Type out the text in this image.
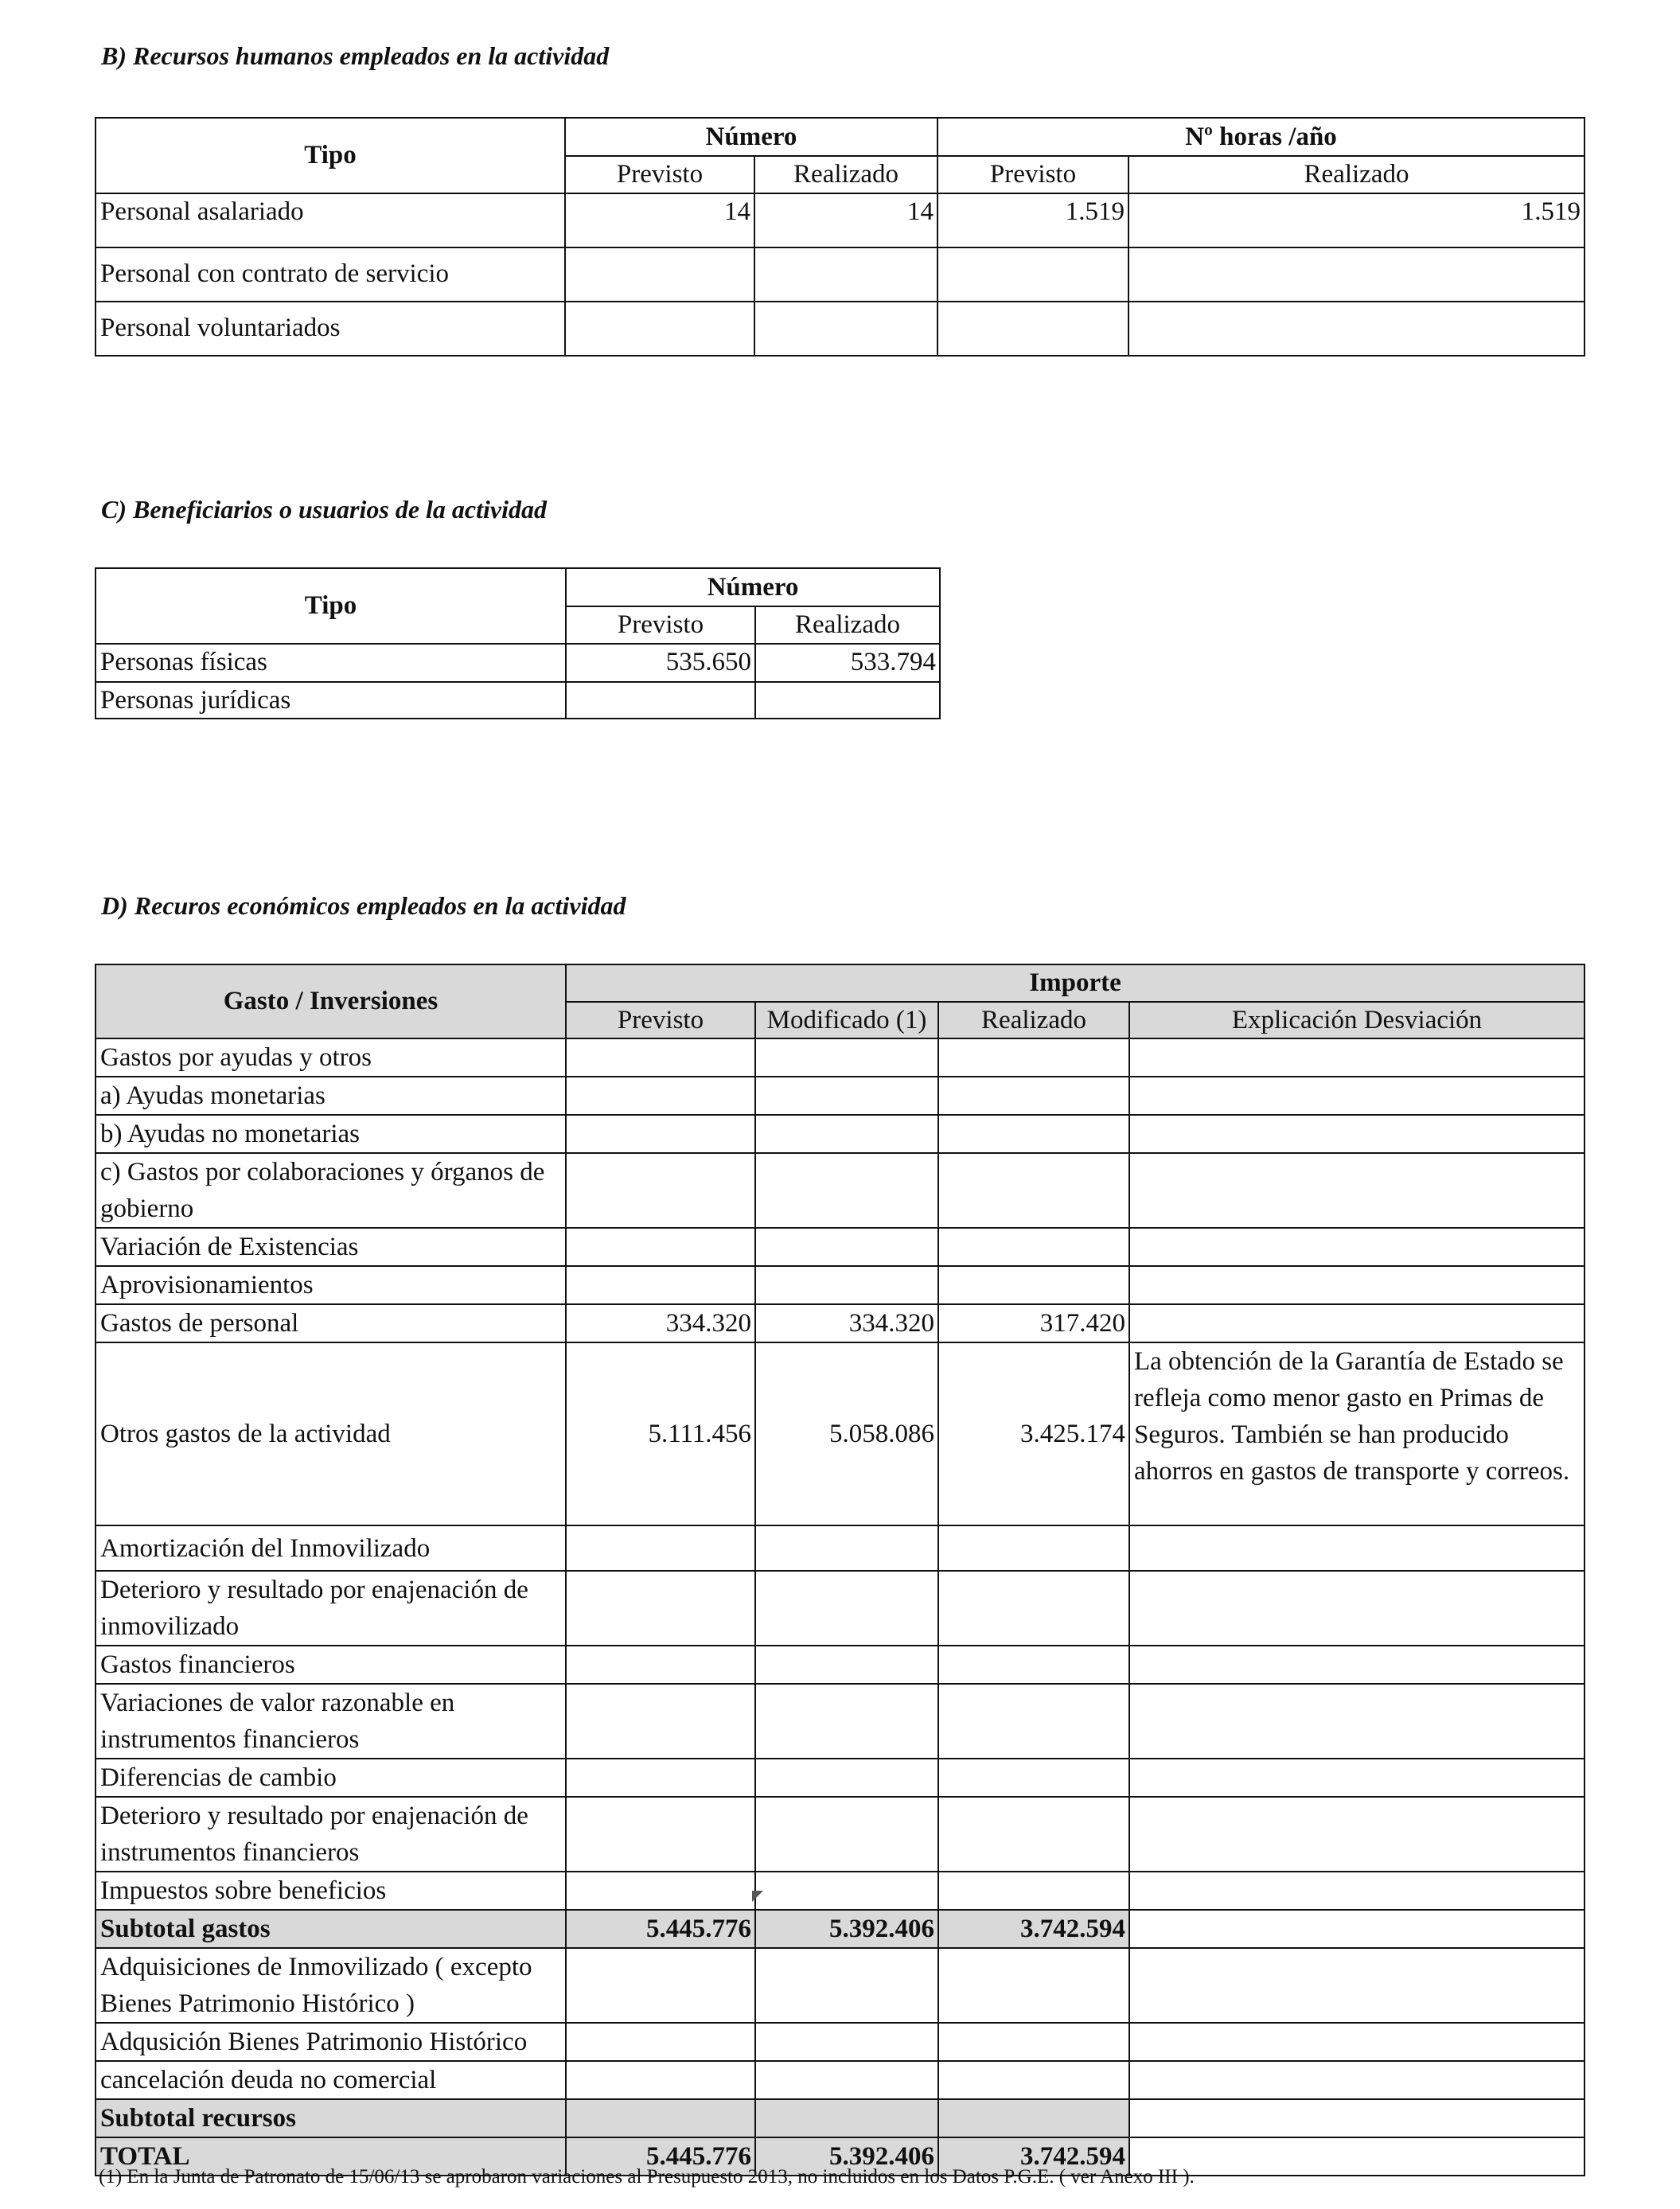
B) Recursos humanos empleados en la actividad

Tipo	Número		Nº horas /año	
	Previsto	Realizado	Previsto	Realizado
Personal asalariado	14	14	1.519	1.519
Personal con contrato de servicio				
Personal voluntariados				

C) Beneficiarios o usuarios de la actividad

Tipo	Número	
	Previsto	Realizado
Personas físicas	535.650	533.794
Personas jurídicas		

D) Recuros económicos empleados en la actividad

Gasto / Inversiones	Importe			
	Previsto	Modificado (1)	Realizado	Explicación Desviación
Gastos por ayudas y otros				
a) Ayudas monetarias				
b) Ayudas no monetarias				
c) Gastos por colaboraciones y órganos de gobierno				
Variación de Existencias				
Aprovisionamientos				
Gastos de personal	334.320	334.320	317.420	
Otros gastos de la actividad	5.111.456	5.058.086	3.425.174	La obtención de la Garantía de Estado se refleja como menor gasto en Primas de Seguros. También se han producido ahorros en gastos de transporte y correos.
Amortización del Inmovilizado				
Deterioro y resultado por enajenación de inmovilizado				
Gastos financieros				
Variaciones de valor razonable en instrumentos financieros				
Diferencias de cambio				
Deterioro y resultado por enajenación de instrumentos financieros				
Impuestos sobre beneficios				
Subtotal gastos	5.445.776	5.392.406	3.742.594	
Adquisiciones de Inmovilizado ( excepto Bienes Patrimonio Histórico )				
Adqusición Bienes Patrimonio Histórico				
cancelación deuda no comercial				
Subtotal recursos				
TOTAL	5.445.776	5.392.406	3.742.594	

(1) En la Junta de Patronato de 15/06/13 se aprobaron variaciones al Presupuesto 2013, no incluidos en los Datos P.G.E. ( ver Anexo III ).
